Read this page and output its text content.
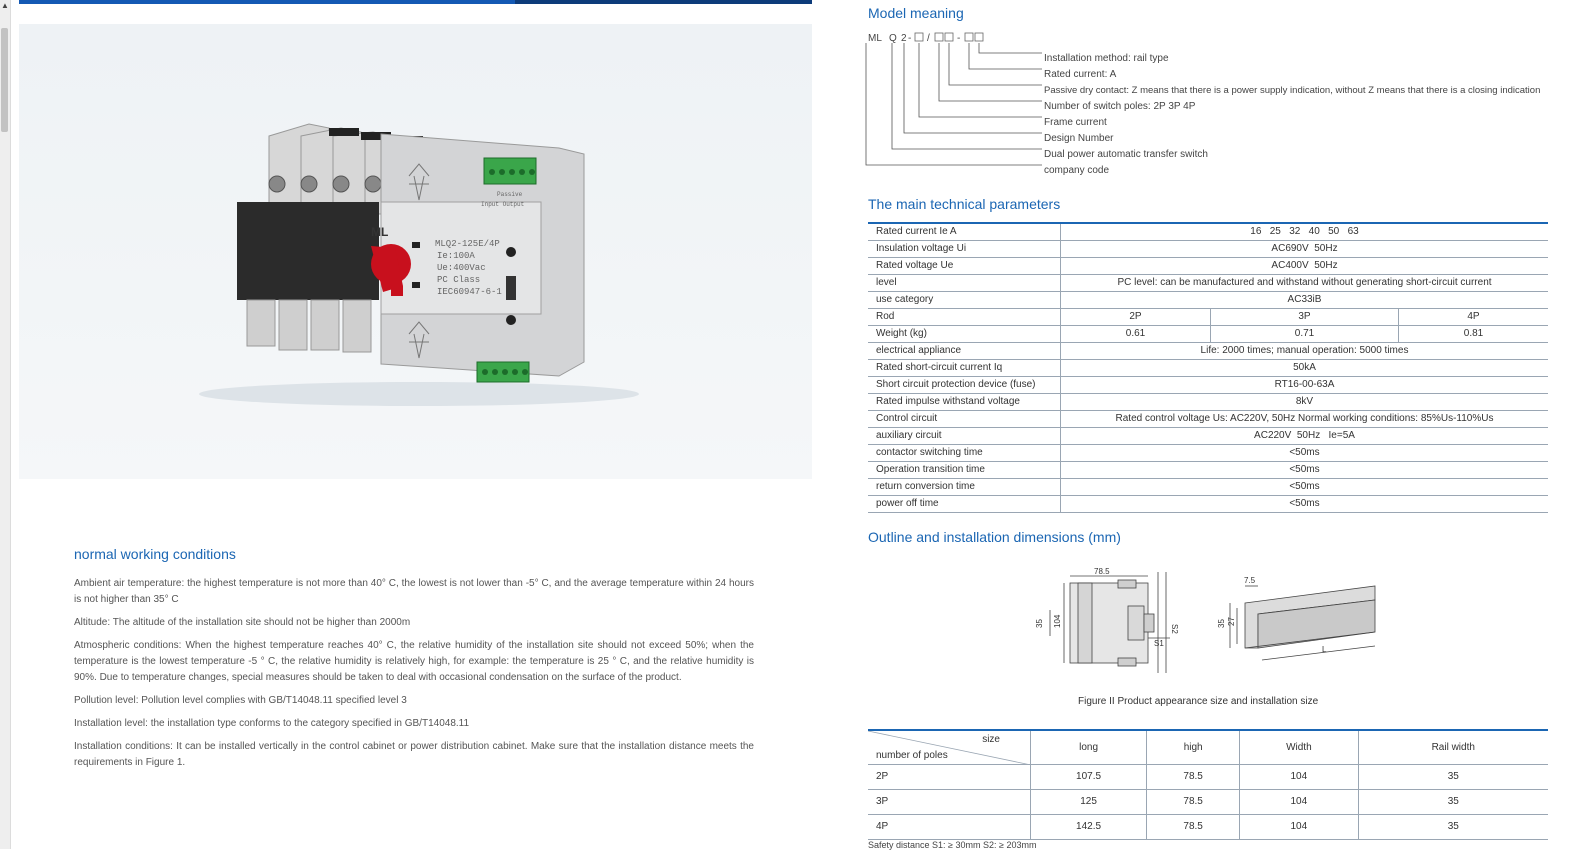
▲
MLQ2-125E/4P
Ie:100A
Ue:400Vac
PC Class
IEC60947-6-1
Passive
Input Output
ML
normal working conditions

Ambient air temperature: the highest temperature is not more than 40° C, the lowest is not lower than -5° C, and the average temperature within 24 hours is not higher than 35° C

Altitude: The altitude of the installation site should not be higher than 2000m

Atmospheric conditions: When the highest temperature reaches 40° C, the relative humidity of the installation site should not exceed 50%; when the temperature is the lowest temperature -5 ° C, the relative humidity is relatively high, for example: the temperature is 25 ° C, and the relative humidity is 90%. Due to temperature changes, special measures should be taken to deal with occasional condensation on the surface of the product.

Pollution level: Pollution level complies with GB/T14048.11 specified level 3

Installation level: the installation type conforms to the category specified in GB/T14048.11

Installation conditions: It can be installed vertically in the control cabinet or power distribution cabinet. Make sure that the installation distance meets the requirements in Figure 1.

Model meaning
ML Q 2 - /	-
Installation method: rail type
Rated current: A
Passive dry contact: Z means that there is a power supply indication, without Z means that there is a closing indication
Number of switch poles: 2P 3P 4P
Frame current
Design Number
Dual power automatic transfer switch
company code
The main technical parameters
Rated current Ie A	16   25   32   40   50   63		
Insulation voltage Ui	AC690V  50Hz		
Rated voltage Ue	AC400V  50Hz		
level	PC level: can be manufactured and withstand without generating short-circuit current		
use category	AC33iB		
Rod	2P	3P	4P
Weight (kg)	0.61	0.71	0.81
electrical appliance	Life: 2000 times; manual operation: 5000 times		
Rated short-circuit current Iq	50kA		
Short circuit protection device (fuse)	RT16-00-63A		
Rated impulse withstand voltage	8kV		
Control circuit	Rated control voltage Us: AC220V, 50Hz Normal working conditions: 85%Us-110%Us		
auxiliary circuit	AC220V  50Hz   Ie=5A		
contactor switching time	<50ms		
Operation transition time	<50ms		
return conversion time	<50ms		
power off time	<50ms		
Outline and installation dimensions (mm)
78.5
35 104
S1
S2
7.5
35 27
L
Figure II Product appearance size and installation size
size
number of poles	long	high	Width	Rail width
2P	107.5	78.5	104	35
3P	125	78.5	104	35
4P	142.5	78.5	104	35
Safety distance S1: ≥ 30mm S2: ≥ 203mm
